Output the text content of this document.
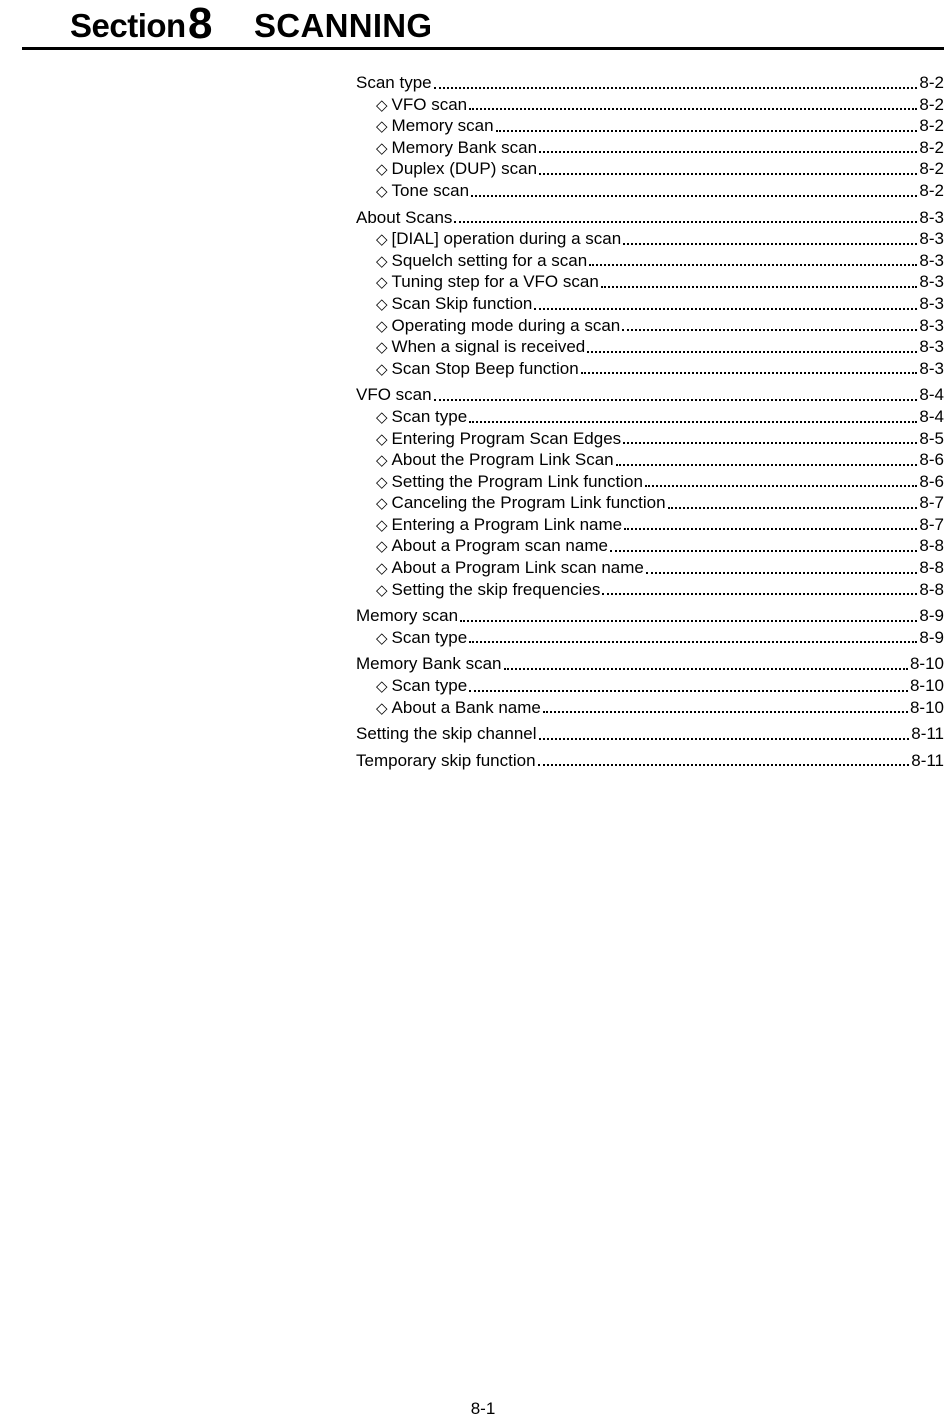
Section 8 SCANNING
Scan type	8-2
◇ VFO scan	8-2
◇ Memory scan	8-2
◇ Memory Bank scan	8-2
◇ Duplex (DUP) scan	8-2
◇ Tone scan	8-2
About Scans	8-3
◇ [DIAL] operation during a scan	8-3
◇ Squelch setting for a scan	8-3
◇ Tuning step for a VFO scan	8-3
◇ Scan Skip function	8-3
◇ Operating mode during a scan	8-3
◇ When a signal is received	8-3
◇ Scan Stop Beep function	8-3
VFO scan	8-4
◇ Scan type	8-4
◇ Entering Program Scan Edges	8-5
◇ About the Program Link Scan	8-6
◇ Setting the Program Link function	8-6
◇ Canceling the Program Link function	8-7
◇ Entering a Program Link name	8-7
◇ About a Program scan name	8-8
◇ About a Program Link scan name	8-8
◇ Setting the skip frequencies	8-8
Memory scan	8-9
◇ Scan type	8-9
Memory Bank scan	8-10
◇ Scan type	8-10
◇ About a Bank name	8-10
Setting the skip channel	8-11
Temporary skip function	8-11
8-1
